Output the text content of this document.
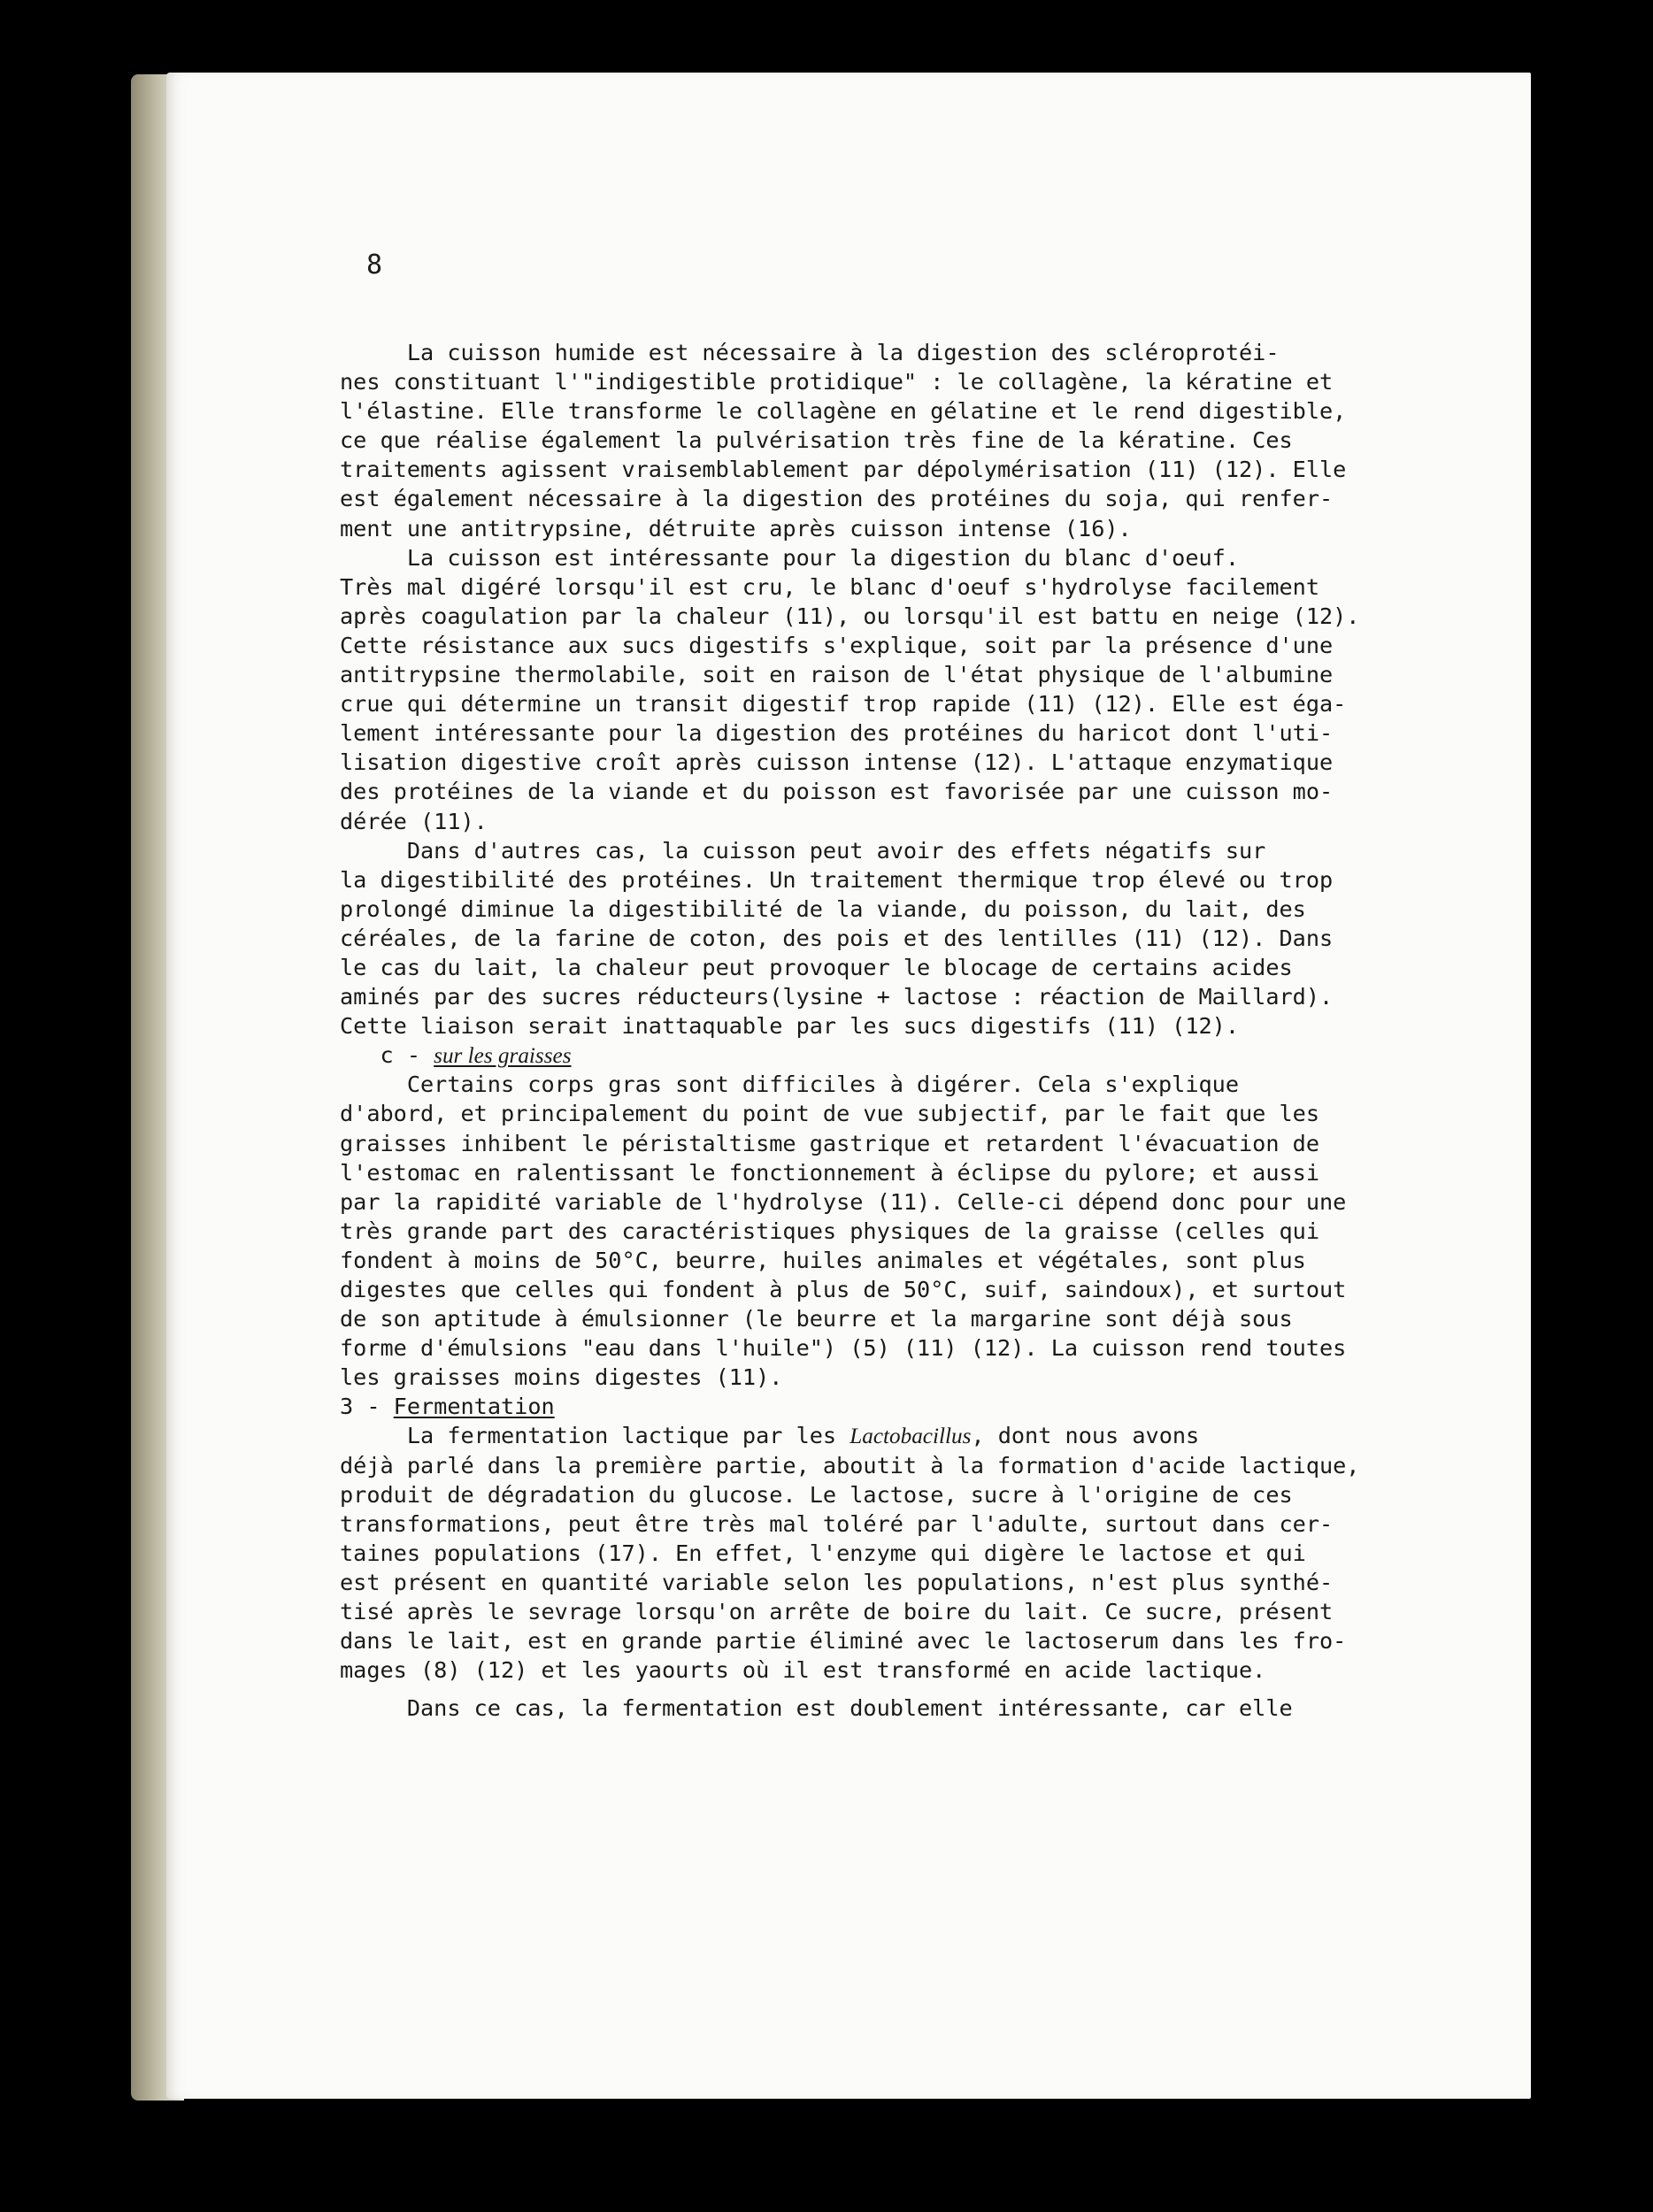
8
La cuisson humide est nécessaire à la digestion des scléroprotéi-
nes constituant l'"indigestible protidique" : le collagène, la kératine et
l'élastine. Elle transforme le collagène en gélatine et le rend digestible,
ce que réalise également la pulvérisation très fine de la kératine. Ces
traitements agissent vraisemblablement par dépolymérisation (11) (12). Elle
est également nécessaire à la digestion des protéines du soja, qui renfer-
ment une antitrypsine, détruite après cuisson intense (16).
La cuisson est intéressante pour la digestion du blanc d'oeuf.
Très mal digéré lorsqu'il est cru, le blanc d'oeuf s'hydrolyse facilement
après coagulation par la chaleur (11), ou lorsqu'il est battu en neige (12).
Cette résistance aux sucs digestifs s'explique, soit par la présence d'une
antitrypsine thermolabile, soit en raison de l'état physique de l'albumine
crue qui détermine un transit digestif trop rapide (11) (12). Elle est éga-
lement intéressante pour la digestion des protéines du haricot dont l'uti-
lisation digestive croît après cuisson intense (12). L'attaque enzymatique
des protéines de la viande et du poisson est favorisée par une cuisson mo-
dérée (11).
Dans d'autres cas, la cuisson peut avoir des effets négatifs sur
la digestibilité des protéines. Un traitement thermique trop élevé ou trop
prolongé diminue la digestibilité de la viande, du poisson, du lait, des
céréales, de la farine de coton, des pois et des lentilles (11) (12). Dans
le cas du lait, la chaleur peut provoquer le blocage de certains acides
aminés par des sucres réducteurs(lysine + lactose : réaction de Maillard).
Cette liaison serait inattaquable par les sucs digestifs (11) (12).
c - sur les graisses
Certains corps gras sont difficiles à digérer. Cela s'explique
d'abord, et principalement du point de vue subjectif, par le fait que les
graisses inhibent le péristaltisme gastrique et retardent l'évacuation de
l'estomac en ralentissant le fonctionnement à éclipse du pylore; et aussi
par la rapidité variable de l'hydrolyse (11). Celle-ci dépend donc pour une
très grande part des caractéristiques physiques de la graisse (celles qui
fondent à moins de 50°C, beurre, huiles animales et végétales, sont plus
digestes que celles qui fondent à plus de 50°C, suif, saindoux), et surtout
de son aptitude à émulsionner (le beurre et la margarine sont déjà sous
forme d'émulsions "eau dans l'huile") (5) (11) (12). La cuisson rend toutes
les graisses moins digestes (11).
3 - Fermentation
La fermentation lactique par les Lactobacillus, dont nous avons
déjà parlé dans la première partie, aboutit à la formation d'acide lactique,
produit de dégradation du glucose. Le lactose, sucre à l'origine de ces
transformations, peut être très mal toléré par l'adulte, surtout dans cer-
taines populations (17). En effet, l'enzyme qui digère le lactose et qui
est présent en quantité variable selon les populations, n'est plus synthé-
tisé après le sevrage lorsqu'on arrête de boire du lait. Ce sucre, présent
dans le lait, est en grande partie éliminé avec le lactoserum dans les fro-
mages (8) (12) et les yaourts où il est transformé en acide lactique.
Dans ce cas, la fermentation est doublement intéressante, car elle
